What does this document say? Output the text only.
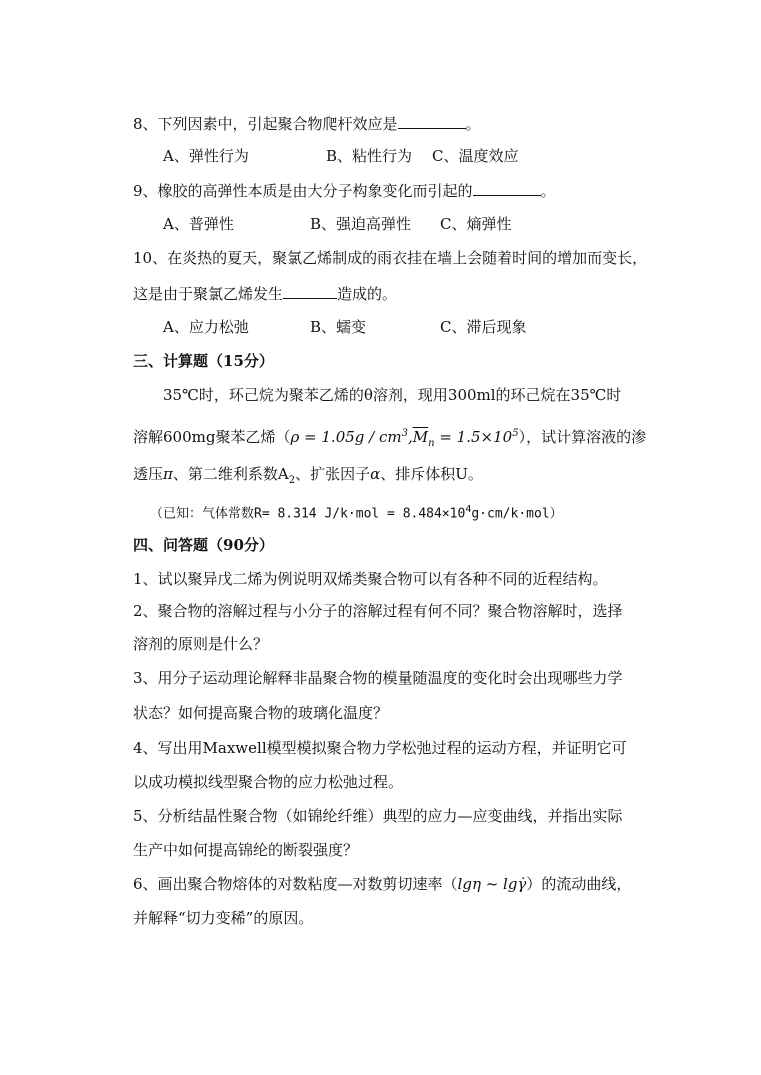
8、下列因素中，引起聚合物爬杆效应是	。
A、弹性行为	B、粘性行为 C、温度效应
9、橡胶的高弹性本质是由大分子构象变化而引起的	。
A、普弹性	B、强迫高弹性 C、熵弹性
10、在炎热的夏天，聚氯乙烯制成的雨衣挂在墙上会随着时间的增加而变长，
这是由于聚氯乙烯发生	造成的。
A、应力松弛	B、蠕变	C、滞后现象
三、计算题（15分）
35℃时，环己烷为聚苯乙烯的θ溶剂，现用300ml的环己烷在35℃时
溶解600mg聚苯乙烯$(\rho = 1.05g / cm^3,\overline{M}_n = 1.5\times 10^5)$，试计算溶液的渗
透压π、第二维利系数$A_2$、扩张因子α、排斥体积U。
（已知：气体常数R= 8.314 $J/k\cdot mol = 8.484\times 10^4g\cdot cm/k\cdot mol$）
四、问答题（90分）
1、试以聚异戊二烯为例说明双烯类聚合物可以有各种不同的近程结构。
2、聚合物的溶解过程与小分子的溶解过程有何不同？聚合物溶解时，选择
溶剂的原则是什么？
3、用分子运动理论解释非晶聚合物的模量随温度的变化时会出现哪些力学
状态？如何提高聚合物的玻璃化温度？
4、写出用Maxwell模型模拟聚合物力学松弛过程的运动方程，并证明它可
以成功模拟线型聚合物的应力松弛过程。
5、分析结晶性聚合物（如锦纶纤维）典型的应力—应变曲线，并指出实际
生产中如何提高锦纶的断裂强度？
6、画出聚合物熔体的对数粘度—对数剪切速率（lgη ~ lgγ̇）的流动曲线，
并解释“切力变稀”的原因。
